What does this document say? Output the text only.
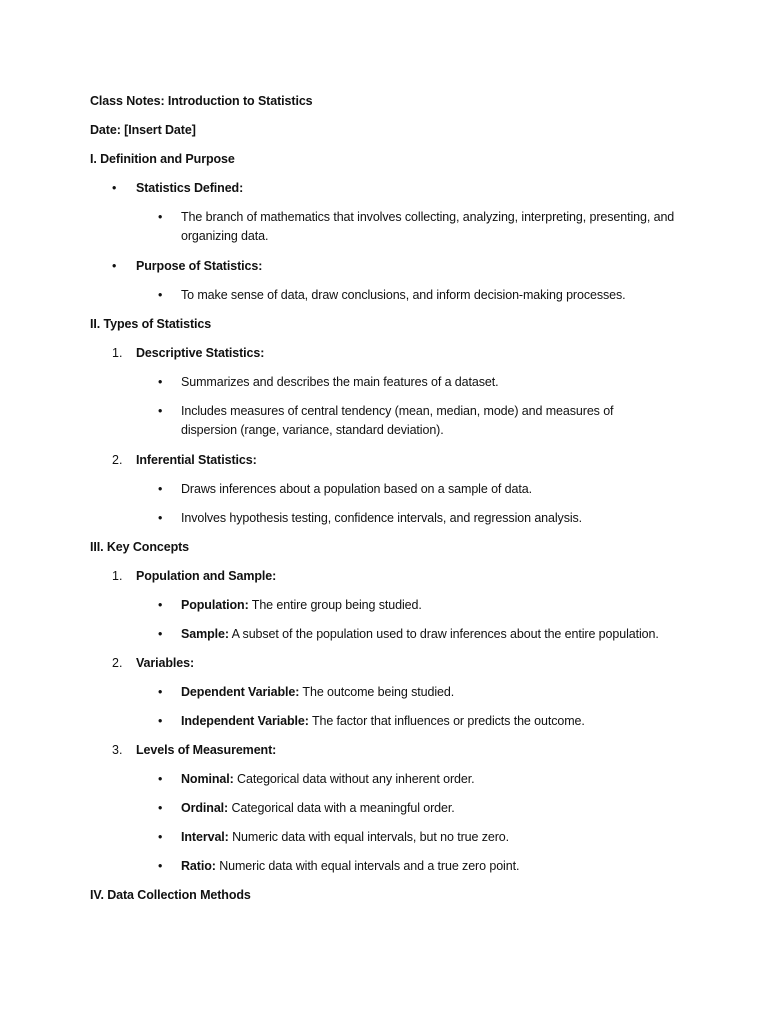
Class Notes: Introduction to Statistics
Date: [Insert Date]
I. Definition and Purpose
• Statistics Defined:
• The branch of mathematics that involves collecting, analyzing, interpreting, presenting, and organizing data.
• Purpose of Statistics:
• To make sense of data, draw conclusions, and inform decision-making processes.
II. Types of Statistics
1. Descriptive Statistics:
• Summarizes and describes the main features of a dataset.
• Includes measures of central tendency (mean, median, mode) and measures of dispersion (range, variance, standard deviation).
2. Inferential Statistics:
• Draws inferences about a population based on a sample of data.
• Involves hypothesis testing, confidence intervals, and regression analysis.
III. Key Concepts
1. Population and Sample:
• Population: The entire group being studied.
• Sample: A subset of the population used to draw inferences about the entire population.
2. Variables:
• Dependent Variable: The outcome being studied.
• Independent Variable: The factor that influences or predicts the outcome.
3. Levels of Measurement:
• Nominal: Categorical data without any inherent order.
• Ordinal: Categorical data with a meaningful order.
• Interval: Numeric data with equal intervals, but no true zero.
• Ratio: Numeric data with equal intervals and a true zero point.
IV. Data Collection Methods
